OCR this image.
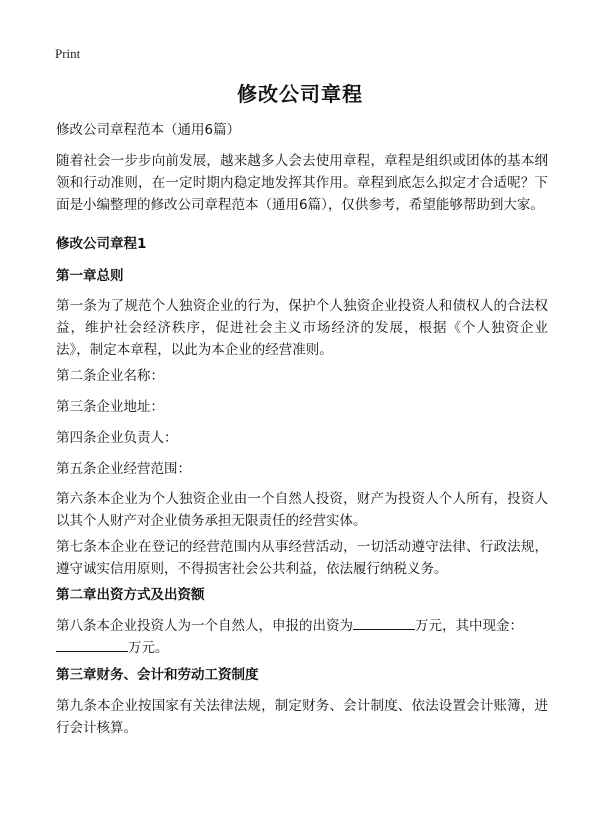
Print
修改公司章程
修改公司章程范本（通用6篇）
随着社会一步步向前发展，越来越多人会去使用章程，章程是组织或团体的基本纲领和行动准则，在一定时期内稳定地发挥其作用。章程到底怎么拟定才合适呢？下面是小编整理的修改公司章程范本（通用6篇），仅供参考，希望能够帮助到大家。
修改公司章程1
第一章总则
第一条为了规范个人独资企业的行为，保护个人独资企业投资人和债权人的合法权益，维护社会经济秩序，促进社会主义市场经济的发展，根据《个人独资企业法》，制定本章程，以此为本企业的经营准则。
第二条企业名称：
第三条企业地址：
第四条企业负责人：
第五条企业经营范围：
第六条本企业为个人独资企业由一个自然人投资，财产为投资人个人所有，投资人以其个人财产对企业债务承担无限责任的经营实体。
第七条本企业在登记的经营范围内从事经营活动，一切活动遵守法律、行政法规，遵守诚实信用原则，不得损害社会公共利益，依法履行纳税义务。
第二章出资方式及出资额
第八条本企业投资人为一个自然人，申报的出资为	万元，其中现金：
万元。
第三章财务、会计和劳动工资制度
第九条本企业按国家有关法律法规，制定财务、会计制度、依法设置会计账簿，进行会计核算。
